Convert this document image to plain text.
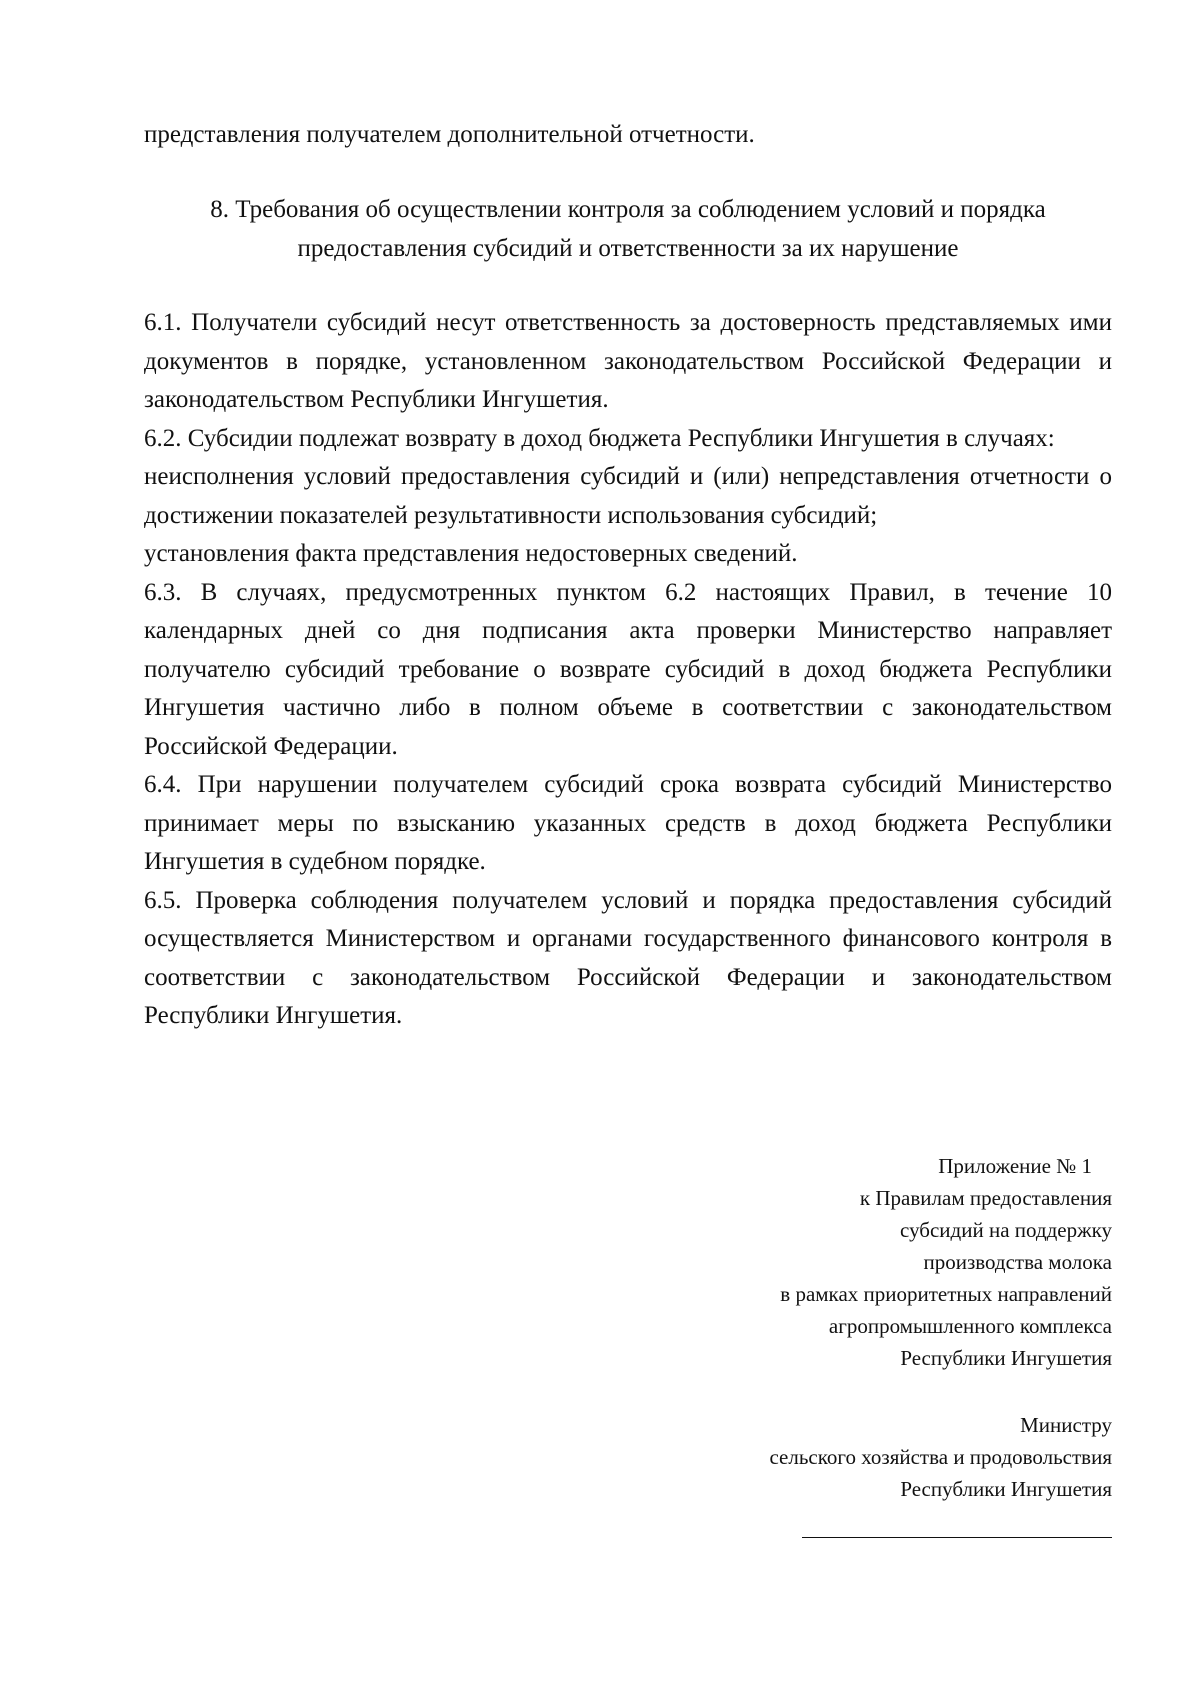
представления получателем дополнительной отчетности.
8. Требования об осуществлении контроля за соблюдением условий и порядка
предоставления субсидий и ответственности за их нарушение

6.1. Получатели субсидий несут ответственность за достоверность представляемых ими документов в порядке, установленном законодательством Российской Федерации и законодательством Республики Ингушетия.

6.2. Субсидии подлежат возврату в доход бюджета Республики Ингушетия в случаях:

неисполнения условий предоставления субсидий и (или) непредставления отчетности о достижении показателей результативности использования субсидий;

установления факта представления недостоверных сведений.

6.3. В случаях, предусмотренных пунктом 6.2 настоящих Правил, в течение 10 календарных дней со дня подписания акта проверки Министерство направляет получателю субсидий требование о возврате субсидий в доход бюджета Республики Ингушетия частично либо в полном объеме в соответствии с законодательством Российской Федерации.

6.4. При нарушении получателем субсидий срока возврата субсидий Министерство принимает меры по взысканию указанных средств в доход бюджета Республики Ингушетия в судебном порядке.

6.5. Проверка соблюдения получателем условий и порядка предоставления субсидий осуществляется Министерством и органами государственного финансового контроля в соответствии с законодательством Российской Федерации и законодательством Республики Ингушетия.

Приложение № 1
к Правилам предоставления
субсидий на поддержку
производства молока
в рамках приоритетных направлений
агропромышленного комплекса
Республики Ингушетия
Министру
сельского хозяйства и продовольствия
Республики Ингушетия
